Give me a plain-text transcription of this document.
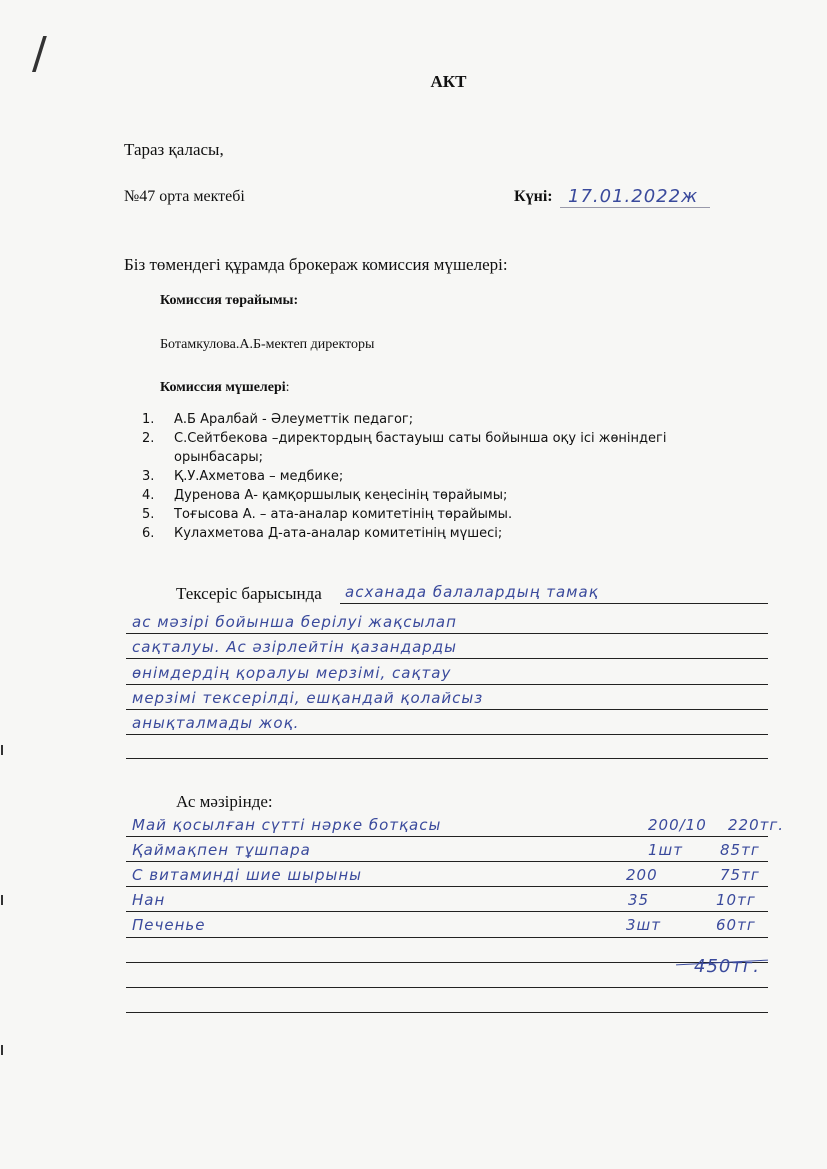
/
АКТ
Тараз қаласы,
№47 орта мектебі	Күні: 17.01.2022ж
Біз төмендегі құрамда брокераж комиссия мүшелері:
Комиссия төрайымы:
Ботамкулова.А.Б-мектеп директоры
Комиссия мүшелері:
1. А.Б Аралбай - Әлеуметтік педагог;
2. С.Сейтбекова –директордың бастауыш саты бойынша оқу ісі жөніндегі орынбасары;
3. Қ.У.Ахметова – медбике;
4. Дуренова А- қамқоршылық кеңесінің төрайымы;
5. Тоғысова А. – ата-аналар комитетінің төрайымы.
6. Кулахметова Д-ата-аналар комитетінің мүшесі;
Тексеріс барысында асханада балалардың тамақ
ас мәзірі бойынша берілуі жақсылап
сақталуы. Ас әзірлейтін қазандарды
өнімдердің қоралуы мерзімі, сақтау
мерзімі тексерілді, ешқандай қолайсыз
анықталмады жоқ.
Ас мәзірінде:
Май қосылған сүтті нәрке ботқасы	200/10 220тг.
Қаймақпен тұшпара	1шт 85тг
С витаминді шие шырыны	200	75тг
Нан	35	10тг
Печенье	3шт	60тг
450тг.
